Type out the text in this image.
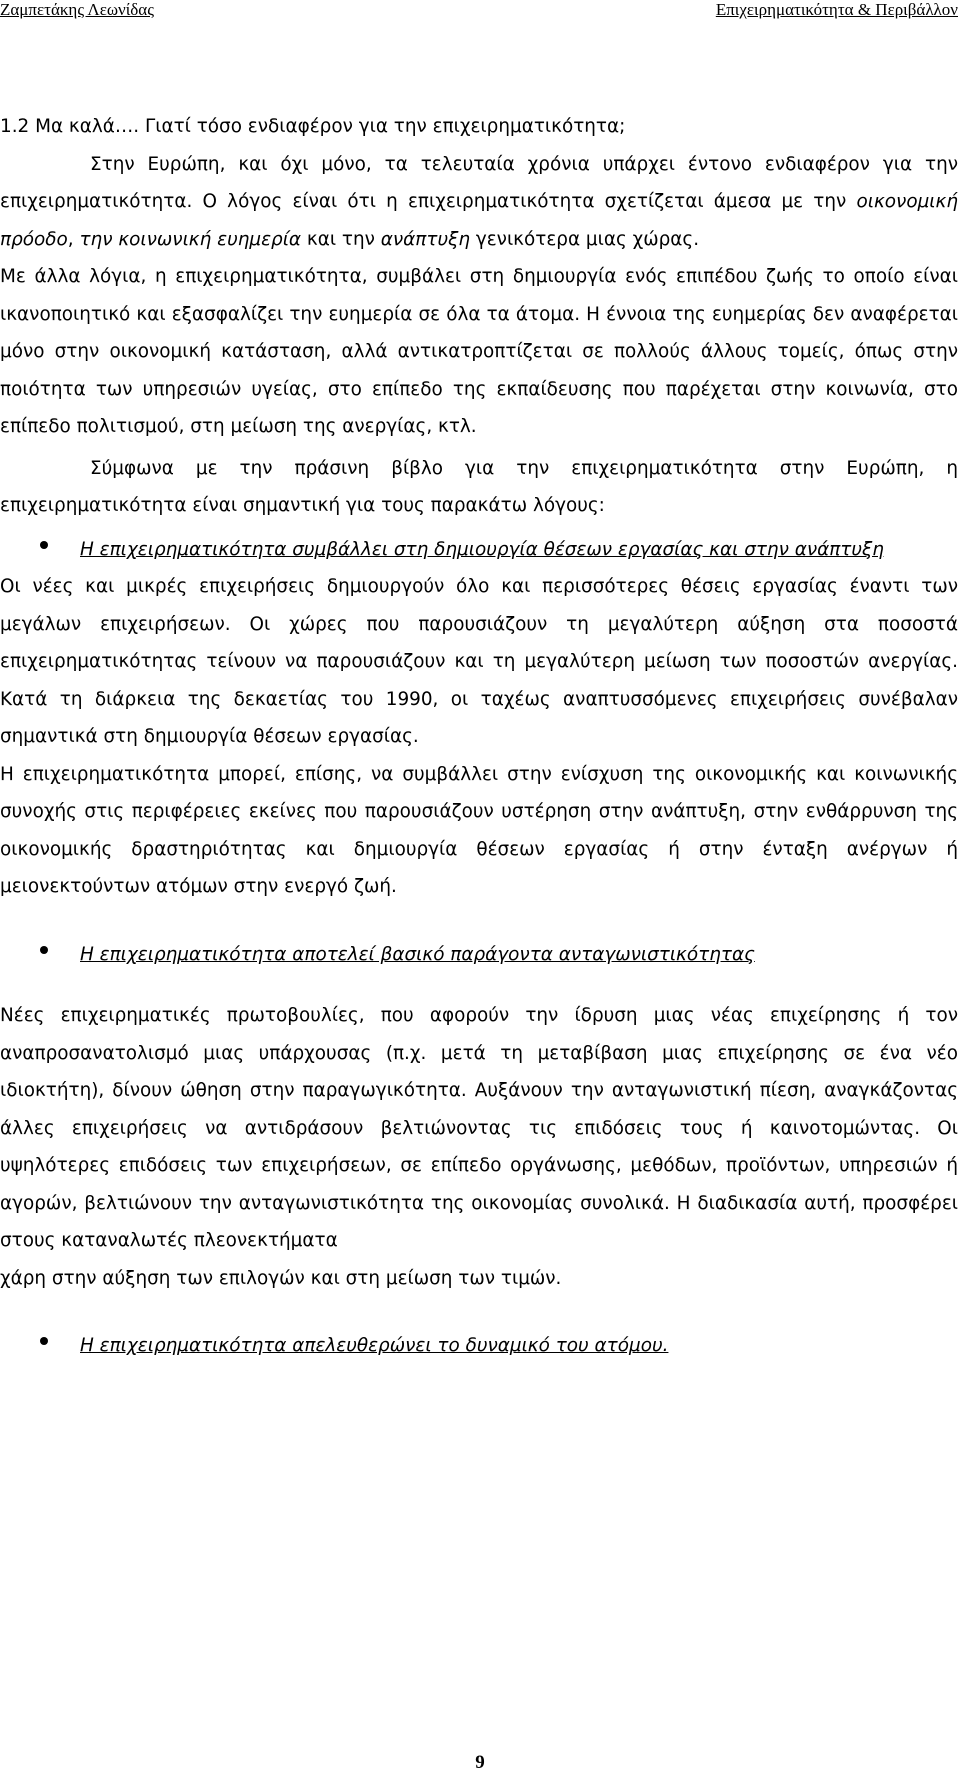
Ζαμπετάκης Λεωνίδας	Επιχειρηματικότητα & Περιβάλλον

1.2 Μα καλά…. Γιατί τόσο ενδιαφέρον για την επιχειρηματικότητα;

Στην Ευρώπη, και όχι μόνο, τα τελευταία χρόνια υπάρχει έντονο ενδιαφέρον για την επιχειρηματικότητα. Ο λόγος είναι ότι η επιχειρηματικότητα σχετίζεται άμεσα με την οικονομική πρόοδο, την κοινωνική ευημερία και την ανάπτυξη γενικότερα μιας χώρας.

Με άλλα λόγια, η επιχειρηματικότητα, συμβάλει στη δημιουργία ενός επιπέδου ζωής το οποίο είναι ικανοποιητικό και εξασφαλίζει την ευημερία σε όλα τα άτομα. Η έννοια της ευημερίας δεν αναφέρεται μόνο στην οικονομική κατάσταση, αλλά αντικατροπτίζεται σε πολλούς άλλους τομείς, όπως στην ποιότητα των υπηρεσιών υγείας, στο επίπεδο της εκπαίδευσης που παρέχεται στην κοινωνία, στο επίπεδο πολιτισμού, στη μείωση της ανεργίας, κτλ.

Σύμφωνα με την πράσινη βίβλο για την επιχειρηματικότητα στην Ευρώπη, η επιχειρηματικότητα είναι σημαντική για τους παρακάτω λόγους:

Η επιχειρηματικότητα συμβάλλει στη δημιουργία θέσεων εργασίας και στην ανάπτυξη

Οι νέες και μικρές επιχειρήσεις δημιουργούν όλο και περισσότερες θέσεις εργασίας έναντι των μεγάλων επιχειρήσεων. Οι χώρες που παρουσιάζουν τη μεγαλύτερη αύξηση στα ποσοστά επιχειρηματικότητας τείνουν να παρουσιάζουν και τη μεγαλύτερη μείωση των ποσοστών ανεργίας. Κατά τη διάρκεια της δεκαετίας του 1990, οι ταχέως αναπτυσσόμενες επιχειρήσεις συνέβαλαν σημαντικά στη δημιουργία θέσεων εργασίας.

Η επιχειρηματικότητα μπορεί, επίσης, να συμβάλλει στην ενίσχυση της οικονομικής και κοινωνικής συνοχής στις περιφέρειες εκείνες που παρουσιάζουν υστέρηση στην ανάπτυξη, στην ενθάρρυνση της οικονομικής δραστηριότητας και δημιουργία θέσεων εργασίας ή στην ένταξη ανέργων ή μειονεκτούντων ατόμων στην ενεργό ζωή.

Η επιχειρηματικότητα αποτελεί βασικό παράγοντα ανταγωνιστικότητας

Νέες επιχειρηματικές πρωτοβουλίες, που αφορούν την ίδρυση μιας νέας επιχείρησης ή τον αναπροσανατολισμό μιας υπάρχουσας (π.χ. μετά τη μεταβίβαση μιας επιχείρησης σε ένα νέο ιδιοκτήτη), δίνουν ώθηση στην παραγωγικότητα. Αυξάνουν την ανταγωνιστική πίεση, αναγκάζοντας άλλες επιχειρήσεις να αντιδράσουν βελτιώνοντας τις επιδόσεις τους ή καινοτομώντας. Οι υψηλότερες επιδόσεις των επιχειρήσεων, σε επίπεδο οργάνωσης, μεθόδων, προϊόντων, υπηρεσιών ή αγορών, βελτιώνουν την ανταγωνιστικότητα της οικονομίας συνολικά. Η διαδικασία αυτή, προσφέρει στους καταναλωτές πλεονεκτήματα

χάρη στην αύξηση των επιλογών και στη μείωση των τιμών.

Η επιχειρηματικότητα απελευθερώνει το δυναμικό του ατόμου.

9
